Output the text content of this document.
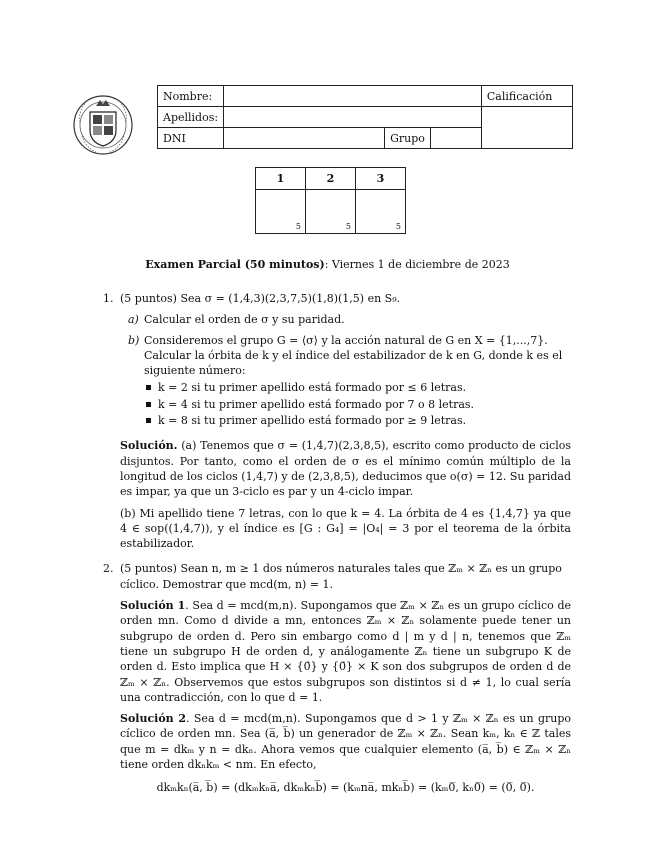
Nombre:				Calificación
Apellidos:				
DNI		Grupo		
1	2	3

5	5	5
Examen Parcial (50 minutos): Viernes 1 de diciembre de 2023
1. (5 puntos) Sea σ = (1,4,3)(2,3,7,5)(1,8)(1,5) en S₉.
a) Calcular el orden de σ y su paridad.
b) Consideremos el grupo G = ⟨σ⟩ y la acción natural de G en X = {1,...,7}. Calcular la órbita de k y el índice del estabilizador de k en G, donde k es el siguiente número:
k = 2 si tu primer apellido está formado por ≤ 6 letras.
k = 4 si tu primer apellido está formado por 7 o 8 letras.
k = 8 si tu primer apellido está formado por ≥ 9 letras.
Solución. (a) Tenemos que σ = (1,4,7)(2,3,8,5), escrito como producto de ciclos disjuntos. Por tanto, como el orden de σ es el mínimo común múltiplo de la longitud de los ciclos (1,4,7) y de (2,3,8,5), deducimos que o(σ) = 12. Su paridad es impar, ya que un 3-ciclo es par y un 4-ciclo impar.
(b) Mi apellido tiene 7 letras, con lo que k = 4. La órbita de 4 es {1,4,7} ya que 4 ∈ sop((1,4,7)), y el índice es [G : G₄] = |O₄| = 3 por el teorema de la órbita estabilizador.
2. (5 puntos) Sean n, m ≥ 1 dos números naturales tales que ℤₘ × ℤₙ es un grupo cíclico. Demostrar que mcd(m, n) = 1.
Solución 1. Sea d = mcd(m,n). Supongamos que ℤₘ × ℤₙ es un grupo cíclico de orden mn. Como d divide a mn, entonces ℤₘ × ℤₙ solamente puede tener un subgrupo de orden d. Pero sin embargo como d | m y d | n, tenemos que ℤₘ tiene un subgrupo H de orden d, y análogamente ℤₙ tiene un subgrupo K de orden d. Esto implica que H × {0̄} y {0̄} × K son dos subgrupos de orden d de ℤₘ × ℤₙ. Observemos que estos subgrupos son distintos si d ≠ 1, lo cual sería una contradicción, con lo que d = 1.
Solución 2. Sea d = mcd(m,n). Supongamos que d > 1 y ℤₘ × ℤₙ es un grupo cíclico de orden mn. Sea (a̅, b̅) un generador de ℤₘ × ℤₙ. Sean kₘ, kₙ ∈ ℤ tales que m = dkₘ y n = dkₙ. Ahora vemos que cualquier elemento (a̅, b̅) ∈ ℤₘ × ℤₙ tiene orden dkₙkₘ < nm. En efecto,
dkₘkₙ(a̅, b̅) = (dkₘkₙa̅, dkₘkₙb̅) = (kₘna̅, mkₙb̅) = (kₘ0̅, kₙ0̅) = (0̅, 0̅).
